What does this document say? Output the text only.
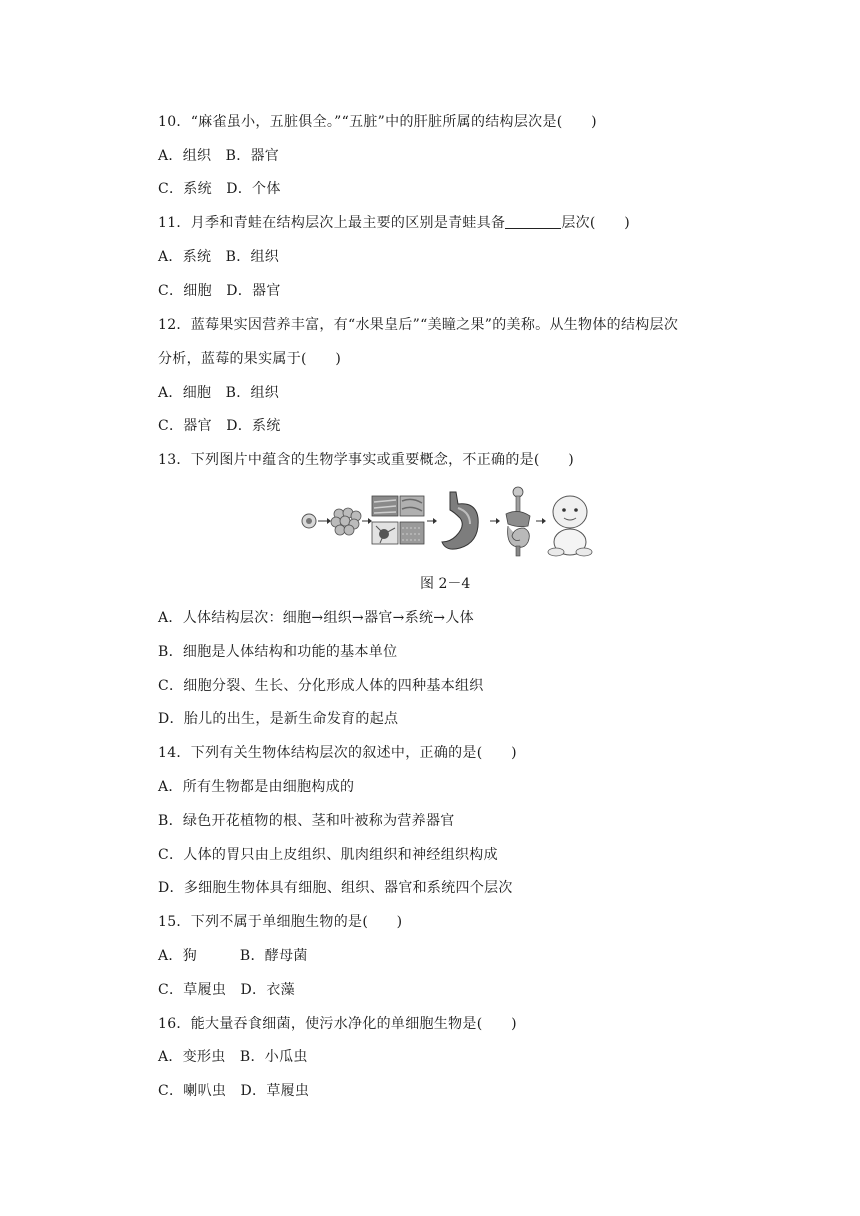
10．“麻雀虽小，五脏俱全。”“五脏”中的肝脏所属的结构层次是(　　)
A．组织　B．器官
C．系统　D．个体
11．月季和青蛙在结构层次上最主要的区别是青蛙具备	层次(　　)
A．系统　B．组织
C．细胞　D．器官
12．蓝莓果实因营养丰富，有“水果皇后”“美瞳之果”的美称。从生物体的结构层次
分析，蓝莓的果实属于(　　)
A．细胞　B．组织
C．器官　D．系统
13．下列图片中蕴含的生物学事实或重要概念，不正确的是(　　)
图 2－4
A．人体结构层次：细胞→组织→器官→系统→人体
B．细胞是人体结构和功能的基本单位
C．细胞分裂、生长、分化形成人体的四种基本组织
D．胎儿的出生，是新生命发育的起点
14．下列有关生物体结构层次的叙述中，正确的是(　　)
A．所有生物都是由细胞构成的
B．绿色开花植物的根、茎和叶被称为营养器官
C．人体的胃只由上皮组织、肌肉组织和神经组织构成
D．多细胞生物体具有细胞、组织、器官和系统四个层次
15．下列不属于单细胞生物的是(　　)
A．狗　　　B．酵母菌
C．草履虫　D．衣藻
16．能大量吞食细菌，使污水净化的单细胞生物是(　　)
A．变形虫　B．小瓜虫
C．喇叭虫　D．草履虫
